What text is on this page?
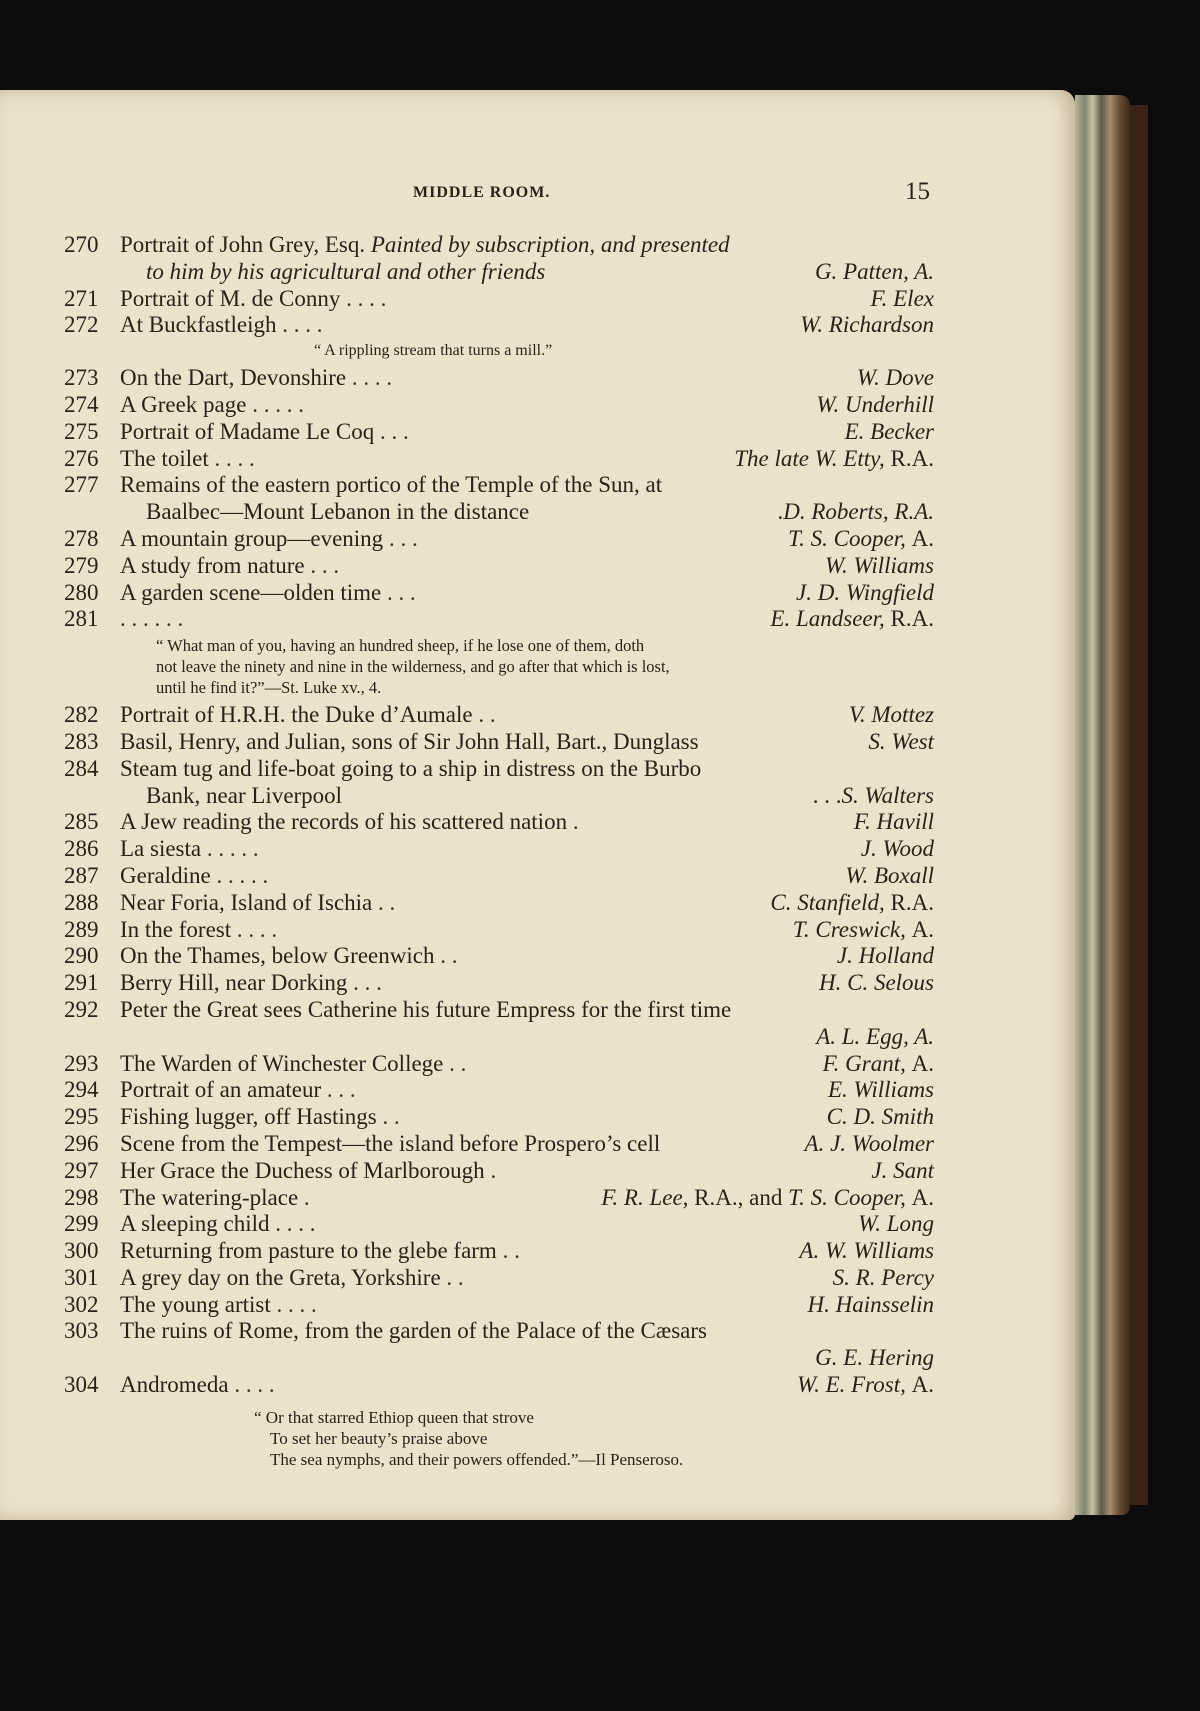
MIDDLE ROOM.	15
270 Portrait of John Grey, Esq. Painted by subscription, and presented
to him by his agricultural and other friends	G. Patten, A.
271 Portrait of M. de Conny . . . .	F. Elex
272 At Buckfastleigh . . . .	W. Richardson
“ A rippling stream that turns a mill.”
273 On the Dart, Devonshire . . . .	W. Dove
274 A Greek page . . . . .	W. Underhill
275 Portrait of Madame Le Coq . . .	E. Becker
276 The toilet . . . .	The late W. Etty, R.A.
277 Remains of the eastern portico of the Temple of the Sun, at
Baalbec—Mount Lebanon in the distance	. D. Roberts, R.A.
278 A mountain group—evening . . .	T. S. Cooper, A.
279 A study from nature . . .	W. Williams
280 A garden scene—olden time . . .	J. D. Wingfield
281 . . . . . .	E. Landseer, R.A.
“ What man of you, having an hundred sheep, if he lose one of them, doth
not leave the ninety and nine in the wilderness, and go after that which is lost,
until he find it?”—St. Luke xv., 4.
282 Portrait of H.R.H. the Duke d’Aumale . .	V. Mottez
283 Basil, Henry, and Julian, sons of Sir John Hall, Bart., Dunglass	S. West
284 Steam tug and life-boat going to a ship in distress on the Burbo
Bank, near Liverpool	. . . S. Walters
285 A Jew reading the records of his scattered nation .	F. Havill
286 La siesta . . . . .	J. Wood
287 Geraldine . . . . .	W. Boxall
288 Near Foria, Island of Ischia . .	C. Stanfield, R.A.
289 In the forest . . . .	T. Creswick, A.
290 On the Thames, below Greenwich . .	J. Holland
291 Berry Hill, near Dorking . . .	H. C. Selous
292 Peter the Great sees Catherine his future Empress for the first time
A. L. Egg, A.
293 The Warden of Winchester College . .	F. Grant, A.
294 Portrait of an amateur . . .	E. Williams
295 Fishing lugger, off Hastings . .	C. D. Smith
296 Scene from the Tempest—the island before Prospero’s cell	A. J. Woolmer
297 Her Grace the Duchess of Marlborough .	J. Sant
298 The watering-place .	F. R. Lee, R.A., and T. S. Cooper, A.
299 A sleeping child . . . .	W. Long
300 Returning from pasture to the glebe farm . .	A. W. Williams
301 A grey day on the Greta, Yorkshire . .	S. R. Percy
302 The young artist . . . .	H. Hainsselin
303 The ruins of Rome, from the garden of the Palace of the Cæsars
G. E. Hering
304 Andromeda . . . .	W. E. Frost, A.
“ Or that starred Ethiop queen that strove
To set her beauty’s praise above
The sea nymphs, and their powers offended.”—Il Penseroso.
